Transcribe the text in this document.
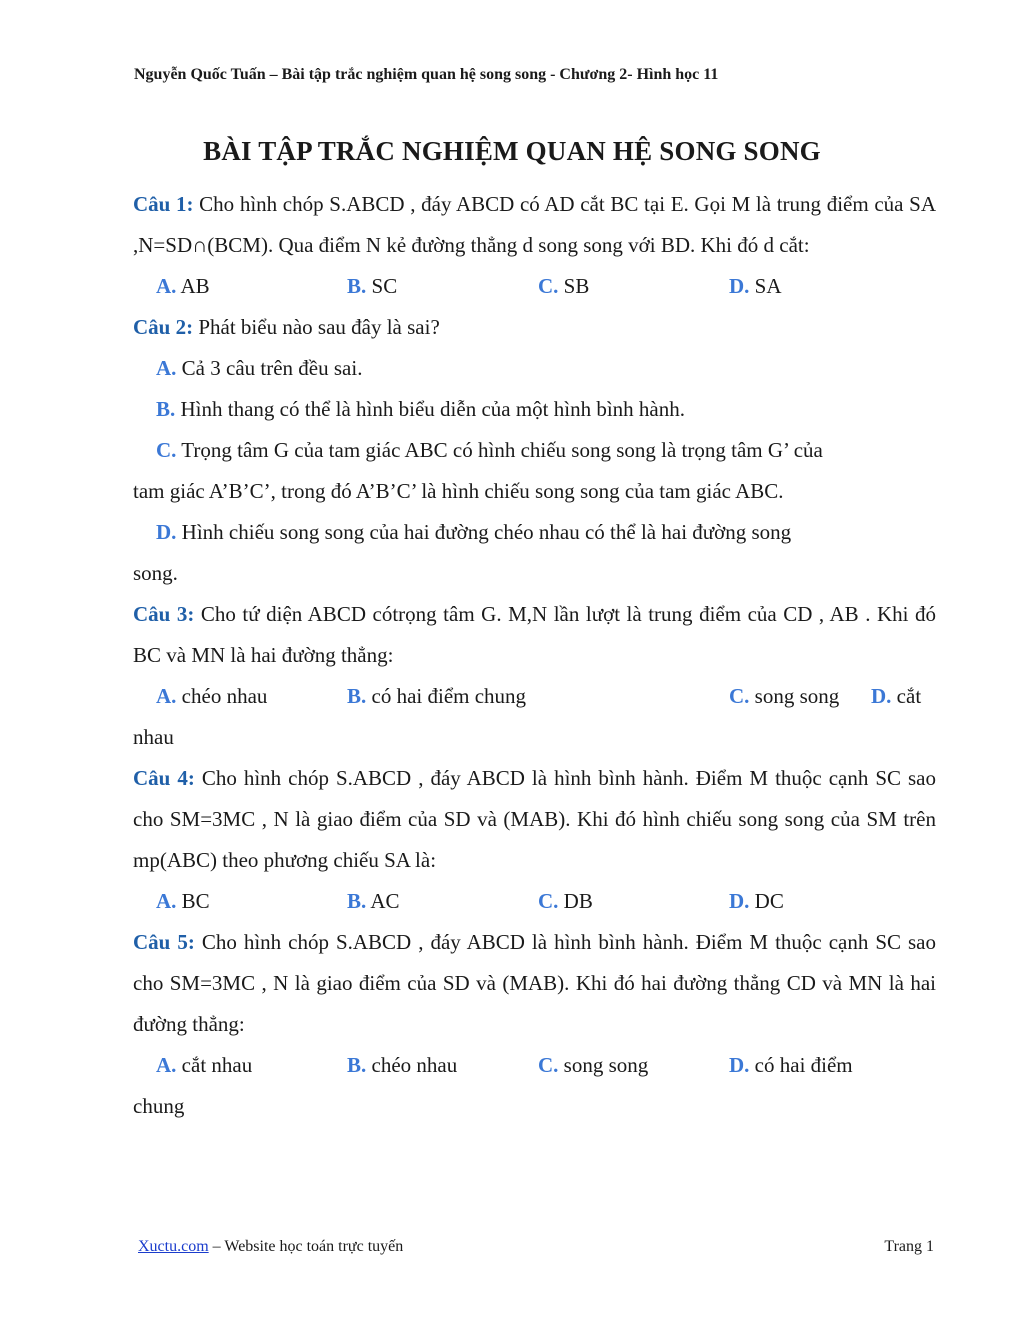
Nguyễn Quốc Tuấn – Bài tập trắc nghiệm quan hệ song song - Chương 2- Hình học 11
BÀI TẬP TRẮC NGHIỆM QUAN HỆ SONG SONG

Câu 1: Cho hình chóp S.ABCD , đáy ABCD có AD cắt BC tại E. Gọi M là trung điểm của SA ,N=SD∩(BCM). Qua điểm N kẻ đường thẳng d song song với BD. Khi đó d cắt:

A. AB	B. SC	C. SB	D. SA

Câu 2: Phát biểu nào sau đây là sai?

A. Cả 3 câu trên đều sai.

B. Hình thang có thể là hình biểu diễn của một hình bình hành.

C. Trọng tâm G của tam giác ABC có hình chiếu song song là trọng tâm G’ của

tam giác A’B’C’, trong đó A’B’C’ là hình chiếu song song của tam giác ABC.

D. Hình chiếu song song của hai đường chéo nhau có thể là hai đường song

song.

Câu 3: Cho tứ diện ABCD cótrọng tâm G. M,N lần lượt là trung điểm của CD , AB . Khi đó BC và MN là hai đường thẳng:

A. chéo nhau	B. có hai điểm chung	C. song song D. cắt

nhau

Câu 4: Cho hình chóp S.ABCD , đáy ABCD là hình bình hành. Điểm M thuộc cạnh SC sao cho SM=3MC , N là giao điểm của SD và (MAB). Khi đó hình chiếu song song của SM trên mp(ABC) theo phương chiếu SA là:

A. BC	B. AC	C. DB	D. DC

Câu 5: Cho hình chóp S.ABCD , đáy ABCD là hình bình hành. Điểm M thuộc cạnh SC sao cho SM=3MC , N là giao điểm của SD và (MAB). Khi đó hai đường thẳng CD và MN là hai đường thẳng:

A. cắt nhau	B. chéo nhau	C. song song	D. có hai điểm

chung

Xuctu.com – Website học toán trực tuyến	Trang 1
